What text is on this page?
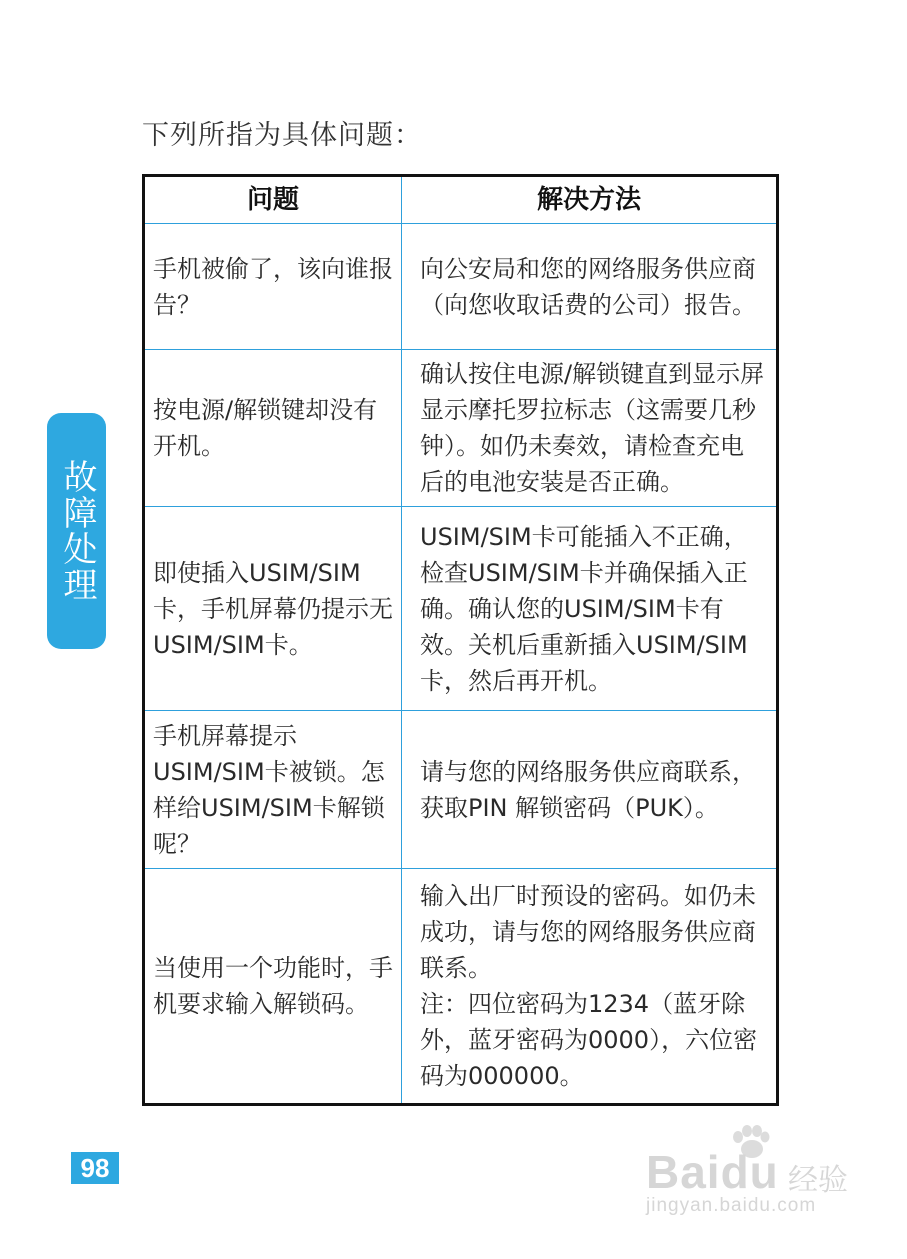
下列所指为具体问题：
问题	解决方法
手机被偷了，该向谁报告？	向公安局和您的网络服务供应商（向您收取话费的公司）报告。

按电源/解锁键却没有开机。	确认按住电源/解锁键直到显示屏显示摩托罗拉标志（这需要几秒钟）。如仍未奏效，请检查充电后的电池安装是否正确。

即使插入USIM/SIM卡，手机屏幕仍提示无USIM/SIM卡。	USIM/SIM卡可能插入不正确，检查USIM/SIM卡并确保插入正确。确认您的USIM/SIM卡有效。关机后重新插入USIM/SIM卡，然后再开机。

手机屏幕提示USIM/SIM卡被锁。怎样给USIM/SIM卡解锁呢？	请与您的网络服务供应商联系，获取PIN 解锁密码（PUK）。

当使用一个功能时，手机要求输入解锁码。	输入出厂时预设的密码。如仍未成功，请与您的网络服务供应商联系。
注：四位密码为1234（蓝牙除外，蓝牙密码为0000），六位密码为000000。
故障处理
98	Baidu 经验
jingyan.baidu.com
